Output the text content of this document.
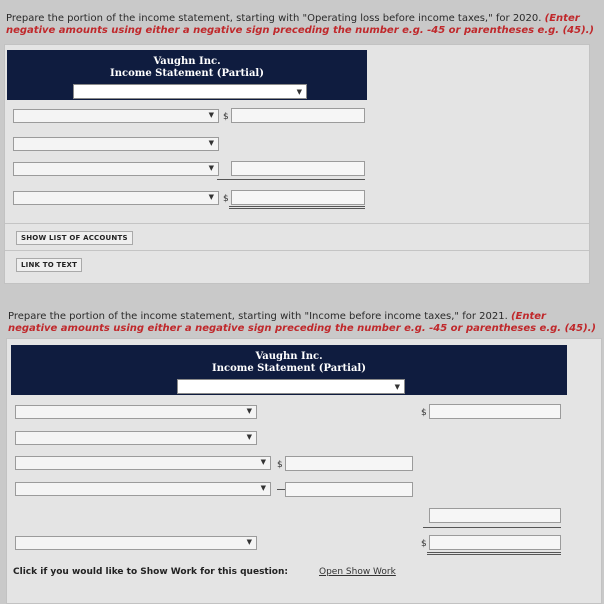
Prepare the portion of the income statement, starting with "Operating loss before income taxes," for 2020. (Enter negative amounts using either a negative sign preceding the number e.g. -45 or parentheses e.g. (45).)
Vaughn Inc.
Income Statement (Partial)
▼
▼ $
▼
▼
▼ $
SHOW LIST OF ACCOUNTS
LINK TO TEXT
Prepare the portion of the income statement, starting with "Income before income taxes," for 2021. (Enter negative amounts using either a negative sign preceding the number e.g. -45 or parentheses e.g. (45).)
Vaughn Inc.
Income Statement (Partial)
▼
▼	$
▼
▼ $
▼
▼	$
Click if you would like to Show Work for this question:	Open Show Work
